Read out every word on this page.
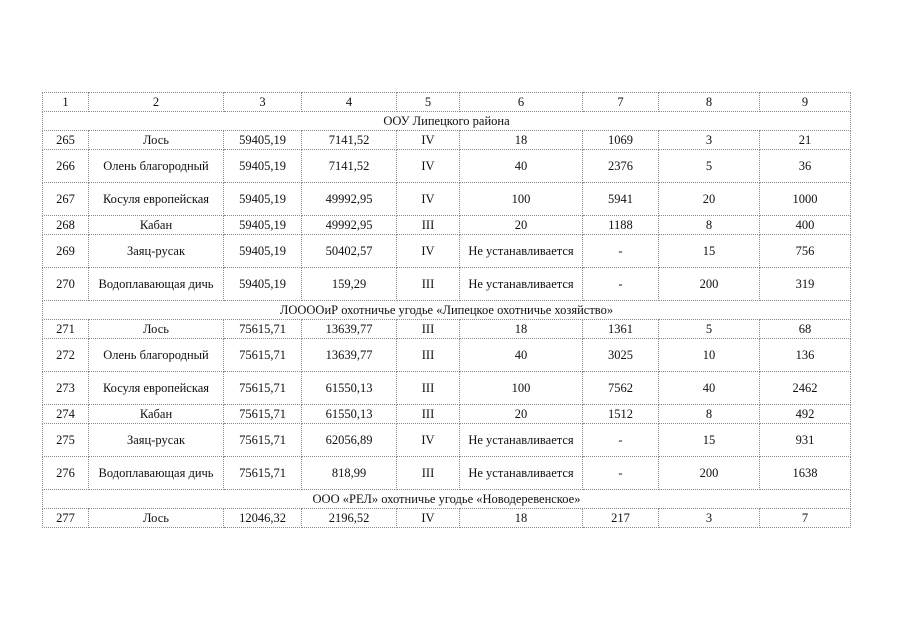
1	2	3	4	5	6	7	8	9
ООУ Липецкого района								
265	Лось	59405,19	7141,52	IV	18	1069	3	21
266	Олень благородный	59405,19	7141,52	IV	40	2376	5	36
267	Косуля европейская	59405,19	49992,95	IV	100	5941	20	1000
268	Кабан	59405,19	49992,95	III	20	1188	8	400
269	Заяц-русак	59405,19	50402,57	IV	Не устанавливается	-	15	756
270	Водоплавающая дичь	59405,19	159,29	III	Не устанавливается	-	200	319
ЛООООиР охотничье угодье «Липецкое охотничье хозяйство»								
271	Лось	75615,71	13639,77	III	18	1361	5	68
272	Олень благородный	75615,71	13639,77	III	40	3025	10	136
273	Косуля европейская	75615,71	61550,13	III	100	7562	40	2462
274	Кабан	75615,71	61550,13	III	20	1512	8	492
275	Заяц-русак	75615,71	62056,89	IV	Не устанавливается	-	15	931
276	Водоплавающая дичь	75615,71	818,99	III	Не устанавливается	-	200	1638
ООО «РЕЛ» охотничье угодье «Новодеревенское»								
277	Лось	12046,32	2196,52	IV	18	217	3	7
